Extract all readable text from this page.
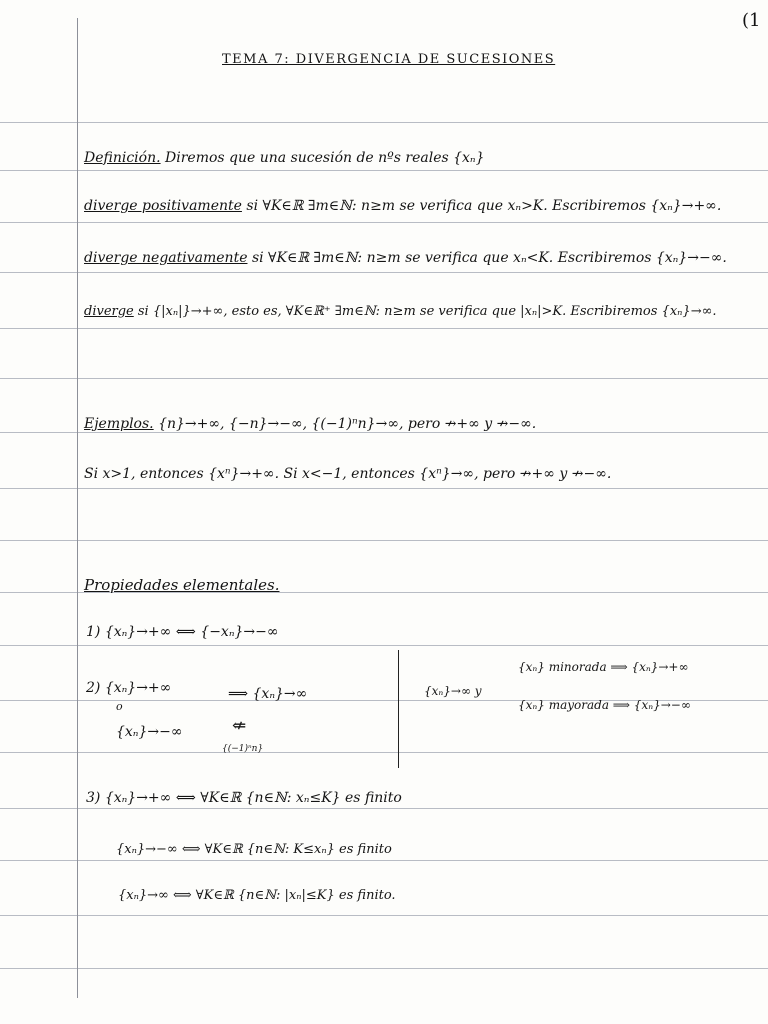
(1
TEMA 7: DIVERGENCIA DE SUCESIONES
Definición. Diremos que una sucesión de nºs reales {xₙ}
diverge positivamente si ∀K∈ℝ ∃m∈ℕ: n≥m se verifica que xₙ>K. Escribiremos {xₙ}→+∞.
diverge negativamente si ∀K∈ℝ ∃m∈ℕ: n≥m se verifica que xₙ<K. Escribiremos {xₙ}→−∞.
diverge si {|xₙ|}→+∞, esto es, ∀K∈ℝ⁺ ∃m∈ℕ: n≥m se verifica que |xₙ|>K. Escribiremos {xₙ}→∞.
Ejemplos. {n}→+∞, {−n}→−∞, {(−1)ⁿn}→∞, pero ↛+∞ y ↛−∞.
Si x>1, entonces {xⁿ}→+∞. Si x<−1, entonces {xⁿ}→∞, pero ↛+∞ y ↛−∞.
Propiedades elementales.
1) {xₙ}→+∞ ⟺ {−xₙ}→−∞
2) {xₙ}→+∞
o
{xₙ}→−∞
⟹ {xₙ}→∞
⇍
{(−1)ⁿn}
{xₙ}→∞ y
{xₙ} minorada ⟹ {xₙ}→+∞
{xₙ} mayorada ⟹ {xₙ}→−∞
3) {xₙ}→+∞ ⟺ ∀K∈ℝ {n∈ℕ: xₙ≤K} es finito
{xₙ}→−∞ ⟺ ∀K∈ℝ {n∈ℕ: K≤xₙ} es finito
{xₙ}→∞ ⟺ ∀K∈ℝ {n∈ℕ: |xₙ|≤K} es finito.
